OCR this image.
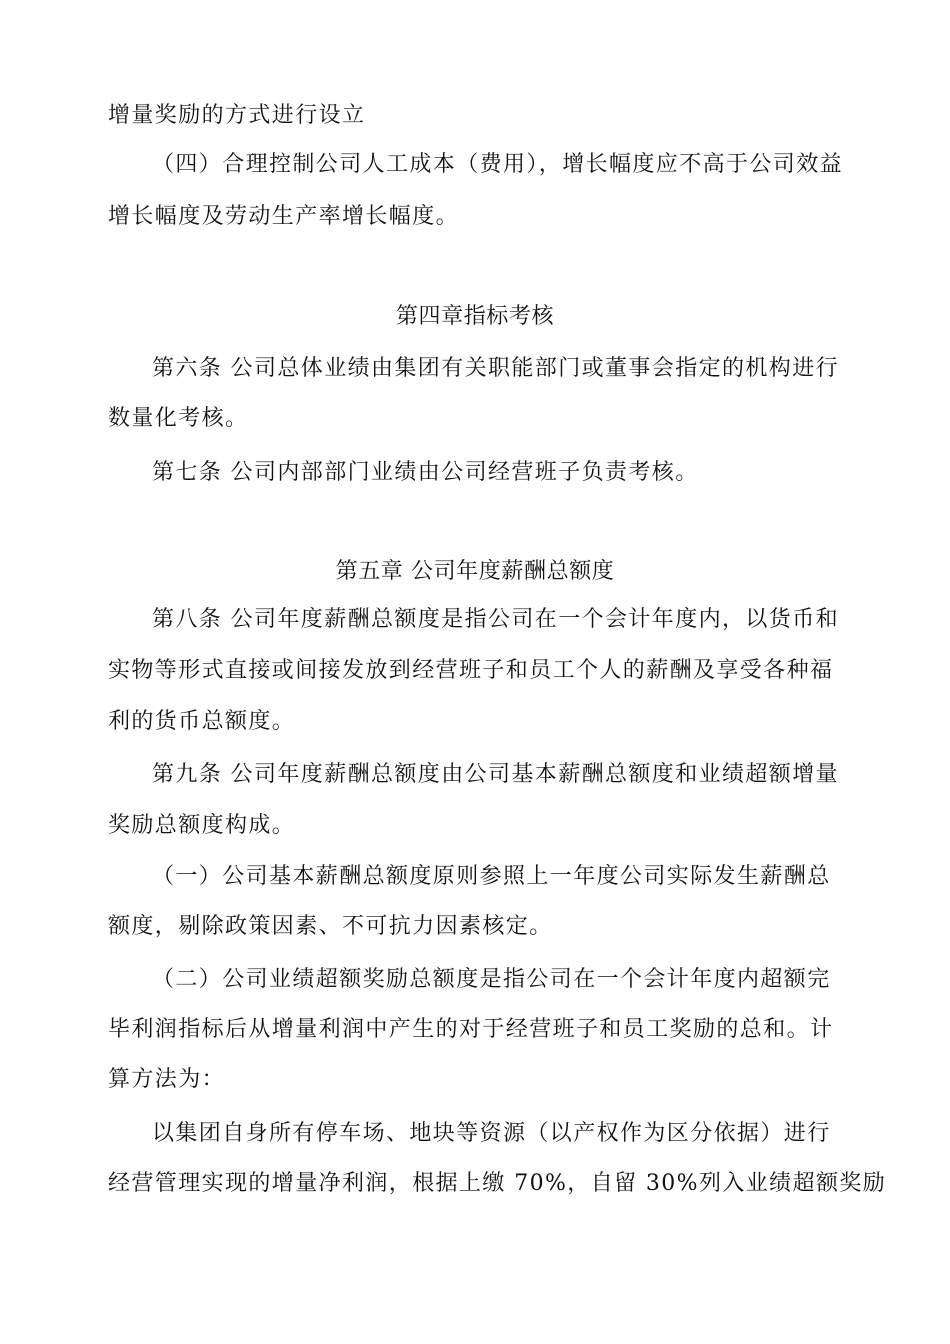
增量奖励的方式进行设立
（四）合理控制公司人工成本（费用），增长幅度应不高于公司效益
增长幅度及劳动生产率增长幅度。
第四章指标考核
第六条 公司总体业绩由集团有关职能部门或董事会指定的机构进行
数量化考核。
第七条 公司内部部门业绩由公司经营班子负责考核。
第五章 公司年度薪酬总额度
第八条 公司年度薪酬总额度是指公司在一个会计年度内，以货币和
实物等形式直接或间接发放到经营班子和员工个人的薪酬及享受各种福
利的货币总额度。
第九条 公司年度薪酬总额度由公司基本薪酬总额度和业绩超额增量
奖励总额度构成。
（一）公司基本薪酬总额度原则参照上一年度公司实际发生薪酬总
额度，剔除政策因素、不可抗力因素核定。
（二）公司业绩超额奖励总额度是指公司在一个会计年度内超额完
毕利润指标后从增量利润中产生的对于经营班子和员工奖励的总和。计
算方法为：
以集团自身所有停车场、地块等资源（以产权作为区分依据）进行
经营管理实现的增量净利润，根据上缴 70%，自留 30%列入业绩超额奖励
